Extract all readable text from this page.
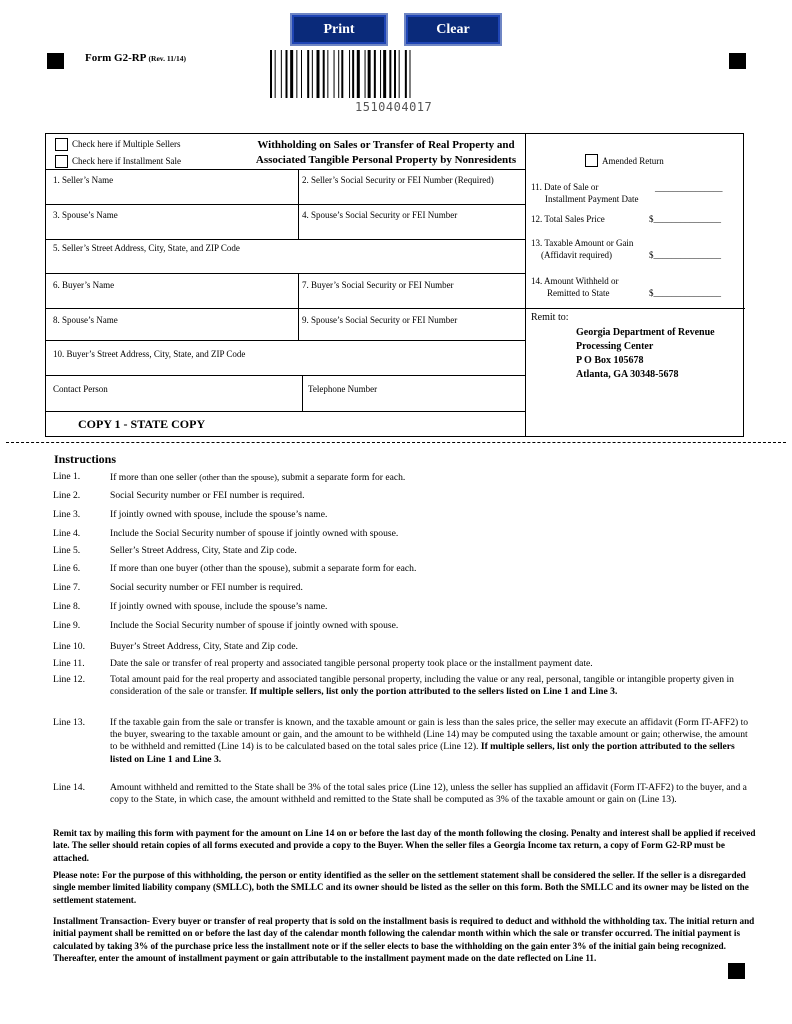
Print	Clear
Form G2-RP (Rev. 11/14)
1510404017
Check here if Multiple Sellers
Check here if Installment Sale
Withholding on Sales or Transfer of Real Property and
Associated Tangible Personal Property by Nonresidents	Amended Return
1. Seller’s Name	2. Seller’s Social Security or FEI Number (Required)
3. Spouse’s Name	4. Spouse’s Social Security or FEI Number
5. Seller’s Street Address, City, State, and ZIP Code
6. Buyer’s Name	7. Buyer’s Social Security or FEI Number
8. Spouse’s Name	9. Spouse’s Social Security or FEI Number
10. Buyer’s Street Address, City, State, and ZIP Code
Contact Person	Telephone Number
COPY 1 - STATE COPY
11. Date of Sale or
Installment Payment Date
_______________
12. Total Sales Price	$_______________
13. Taxable Amount or Gain
(Affidavit required)	$_______________
14. Amount Withheld or
Remitted to State	$_______________
Remit to:
Georgia Department of Revenue
Processing Center
P O Box 105678
Atlanta, GA 30348-5678
Instructions
Line 1.	If more than one seller (other than the spouse), submit a separate form for each.
Line 2.	Social Security number or FEI number is required.
Line 3.	If jointly owned with spouse, include the spouse’s name.
Line 4.	Include the Social Security number of spouse if jointly owned with spouse.
Line 5.	Seller’s Street Address, City, State and Zip code.
Line 6.	If more than one buyer (other than the spouse), submit a separate form for each.
Line 7.	Social security number or FEI number is required.
Line 8.	If jointly owned with spouse, include the spouse’s name.
Line 9.	Include the Social Security number of spouse if jointly owned with spouse.
Line 10.	Buyer’s Street Address, City, State and Zip code.
Line 11.	Date the sale or transfer of real property and associated tangible personal property took place or the installment payment date.
Line 12.	Total amount paid for the real property and associated tangible personal property, including the value or any real, personal, tangible or intangible property given in consideration of the sale or transfer. If multiple sellers, list only the portion attributed to the sellers listed on Line 1 and Line 3.
Line 13.	If the taxable gain from the sale or transfer is known, and the taxable amount or gain is less than the sales price, the seller may execute an affidavit (Form IT-AFF2) to the buyer, swearing to the taxable amount or gain, and the amount to be withheld (Line 14) may be computed using the taxable amount or gain; otherwise, the amount to be withheld and remitted (Line 14) is to be calculated based on the total sales price (Line 12). If multiple sellers, list only the portion attributed to the sellers listed on Line 1 and Line 3.
Line 14.	Amount withheld and remitted to the State shall be 3% of the total sales price (Line 12), unless the seller has supplied an affidavit (Form IT-AFF2) to the buyer, and a copy to the State, in which case, the amount withheld and remitted to the State shall be computed as 3% of the taxable amount or gain on (Line 13).
Remit tax by mailing this form with payment for the amount on Line 14 on or before the last day of the month following the closing. Penalty and interest shall be applied if received late. The seller should retain copies of all forms executed and provide a copy to the Buyer. When the seller files a Georgia Income tax return, a copy of Form G2-RP must be attached.
Please note: For the purpose of this withholding, the person or entity identified as the seller on the settlement statement shall be considered the seller. If the seller is a disregarded single member limited liability company (SMLLC), both the SMLLC and its owner should be listed as the seller on this form. Both the SMLLC and its owner may be listed on the settlement statement.
Installment Transaction- Every buyer or transfer of real property that is sold on the installment basis is required to deduct and withhold the withholding tax. The initial return and initial payment shall be remitted on or before the last day of the calendar month following the calendar month within which the sale or transfer occurred. The initial payment is calculated by taking 3% of the purchase price less the installment note or if the seller elects to base the withholding on the gain enter 3% of the initial gain being recognized. Thereafter, enter the amount of installment payment or gain attributable to the installment payment made on the date reflected on Line 11.
